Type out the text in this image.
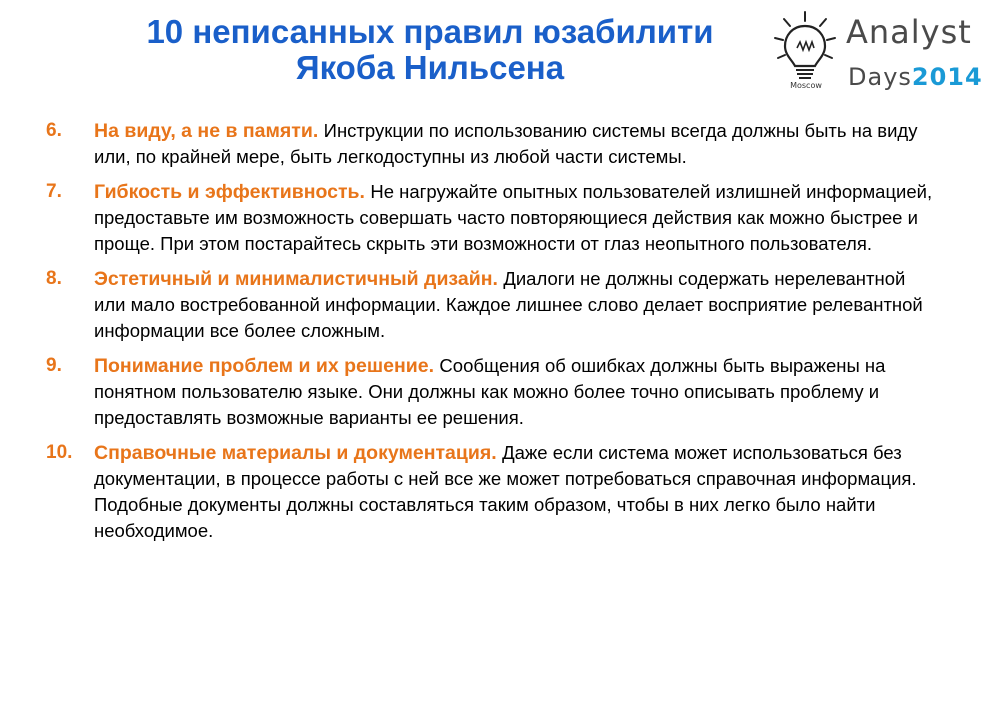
10 неписанных правил юзабилити
Якоба Нильсена	Moscow
Analyst
Days2014
6. На виду, а не в памяти. Инструкции по использованию системы всегда должны быть на виду или, по крайней мере, быть легкодоступны из любой части системы.
7. Гибкость и эффективность. Не нагружайте опытных пользователей излишней информацией, предоставьте им возможность совершать часто повторяющиеся действия как можно быстрее и проще. При этом постарайтесь скрыть эти возможности от глаз неопытного пользователя.
8. Эстетичный и минималистичный дизайн. Диалоги не должны содержать нерелевантной или мало востребованной информации. Каждое лишнее слово делает восприятие релевантной информации все более сложным.
9. Понимание проблем и их решение. Сообщения об ошибках должны быть выражены на понятном пользователю языке. Они должны как можно более точно описывать проблему и предоставлять возможные варианты ее решения.
10. Справочные материалы и документация. Даже если система может использоваться без документации, в процессе работы с ней все же может потребоваться справочная информация. Подобные документы должны составляться таким образом, чтобы в них легко было найти необходимое.
